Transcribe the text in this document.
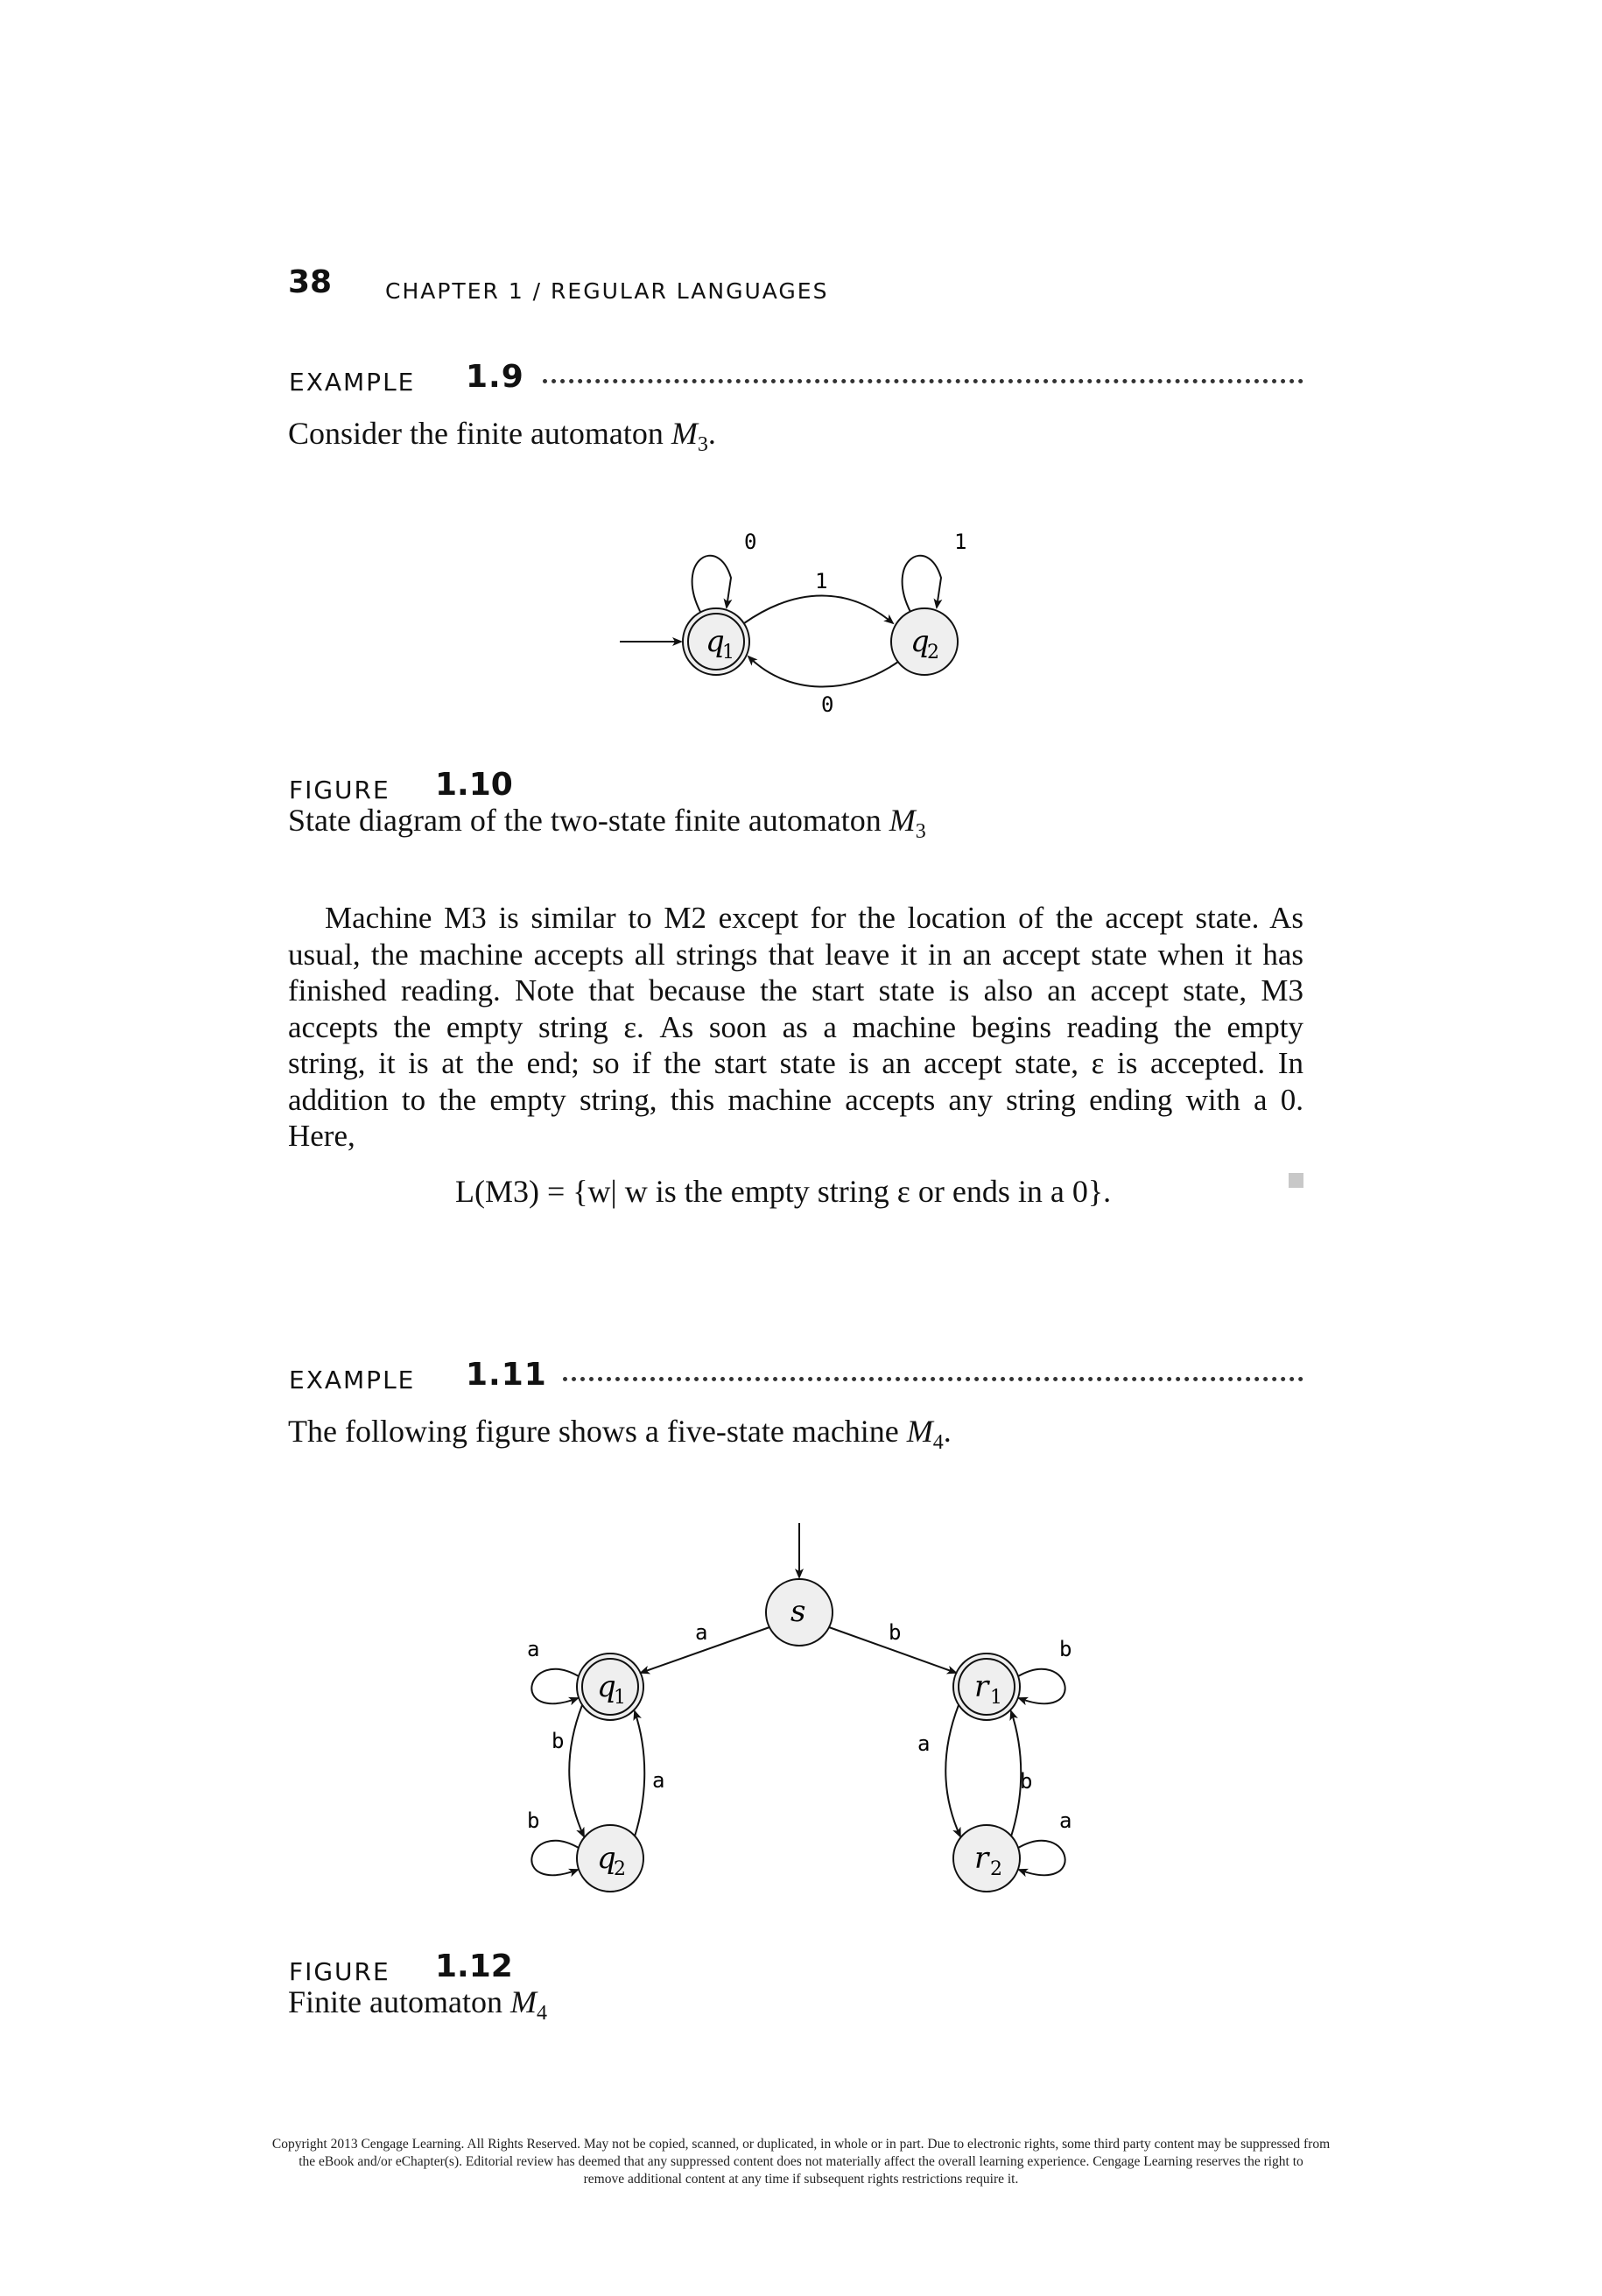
38 CHAPTER 1 / REGULAR LANGUAGES
EXAMPLE 1.9
Consider the finite automaton $M_3$.
q
1	q
2
0
1
1
0
FIGURE 1.10
State diagram of the two-state finite automaton $M_3$
Machine M3 is similar to M2 except for the location of the accept state. As
usual, the machine accepts all strings that leave it in an accept state when it has
finished reading. Note that because the start state is also an accept state, M3
accepts the empty string ε. As soon as a machine begins reading the empty
string, it is at the end; so if the start state is an accept state, ε is accepted. In
addition to the empty string, this machine accepts any string ending with a 0.
Here,
L(M3) = {w| w is the empty string ε or ends in a 0}.
EXAMPLE 1.11
The following figure shows a five-state machine $M_4$.
s
q
1	r 1
q
2	r 2
a	b
a
b
a
b
b
a
b
a
FIGURE 1.12
Finite automaton $M_4$
Copyright 2013 Cengage Learning. All Rights Reserved. May not be copied, scanned, or duplicated, in whole or in part. Due to electronic rights, some third party content may be suppressed from
the eBook and/or eChapter(s). Editorial review has deemed that any suppressed content does not materially affect the overall learning experience. Cengage Learning reserves the right to
remove additional content at any time if subsequent rights restrictions require it.
